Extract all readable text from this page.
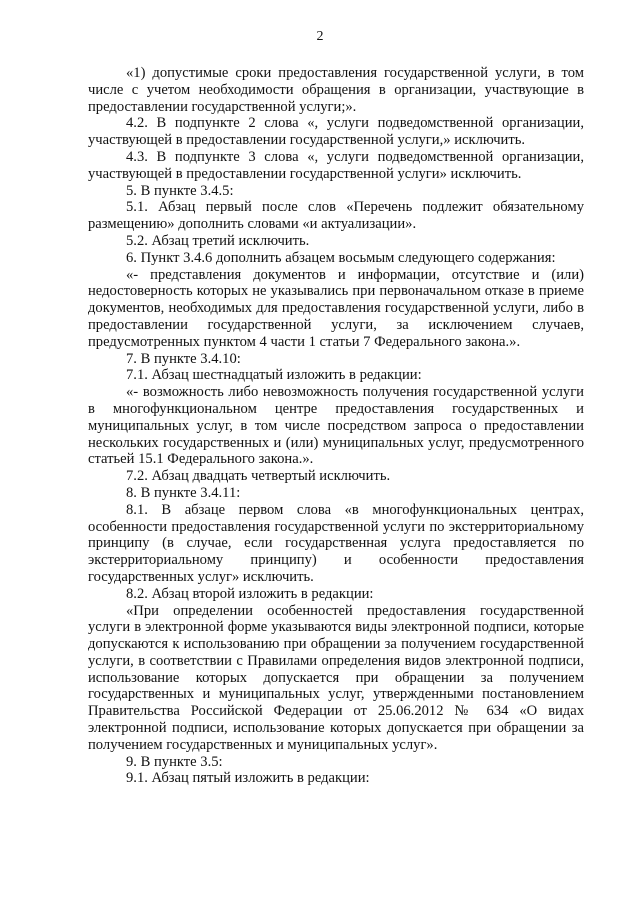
2

«1) допустимые сроки предоставления государственной услуги, в том числе с учетом необходимости обращения в организации, участвующие в предоставлении государственной услуги;».

4.2. В подпункте 2 слова «, услуги подведомственной организации, участвующей в предоставлении государственной услуги,» исключить.

4.3. В подпункте 3 слова «, услуги подведомственной организации, участвующей в предоставлении государственной услуги» исключить.

5. В пункте 3.4.5:

5.1. Абзац первый после слов «Перечень подлежит обязательному размещению» дополнить словами «и актуализации».

5.2. Абзац третий исключить.

6. Пункт 3.4.6 дополнить абзацем восьмым следующего содержания:

«- представления документов и информации, отсутствие и (или) недостоверность которых не указывались при первоначальном отказе в приеме документов, необходимых для предоставления государственной услуги, либо в предоставлении государственной услуги, за исключением случаев, предусмотренных пунктом 4 части 1 статьи 7 Федерального закона.».

7. В пункте 3.4.10:

7.1. Абзац шестнадцатый изложить в редакции:

«- возможность либо невозможность получения государственной услуги в многофункциональном центре предоставления государственных и муниципальных услуг, в том числе посредством запроса о предоставлении нескольких государственных и (или) муниципальных услуг, предусмотренного статьей 15.1 Федерального закона.».

7.2. Абзац двадцать четвертый исключить.

8. В пункте 3.4.11:

8.1. В абзаце первом слова «в многофункциональных центрах, особенности предоставления государственной услуги по экстерриториальному принципу (в случае, если государственная услуга предоставляется по экстерриториальному принципу) и особенности предоставления государственных услуг» исключить.

8.2. Абзац второй изложить в редакции:

«При определении особенностей предоставления государственной услуги в электронной форме указываются виды электронной подписи, которые допускаются к использованию при обращении за получением государственной услуги, в соответствии с Правилами определения видов электронной подписи, использование которых допускается при обращении за получением государственных и муниципальных услуг, утвержденными постановлением Правительства Российской Федерации от 25.06.2012 № 634 «О видах электронной подписи, использование которых допускается при обращении за получением государственных и муниципальных услуг».

9. В пункте 3.5:

9.1. Абзац пятый изложить в редакции:
